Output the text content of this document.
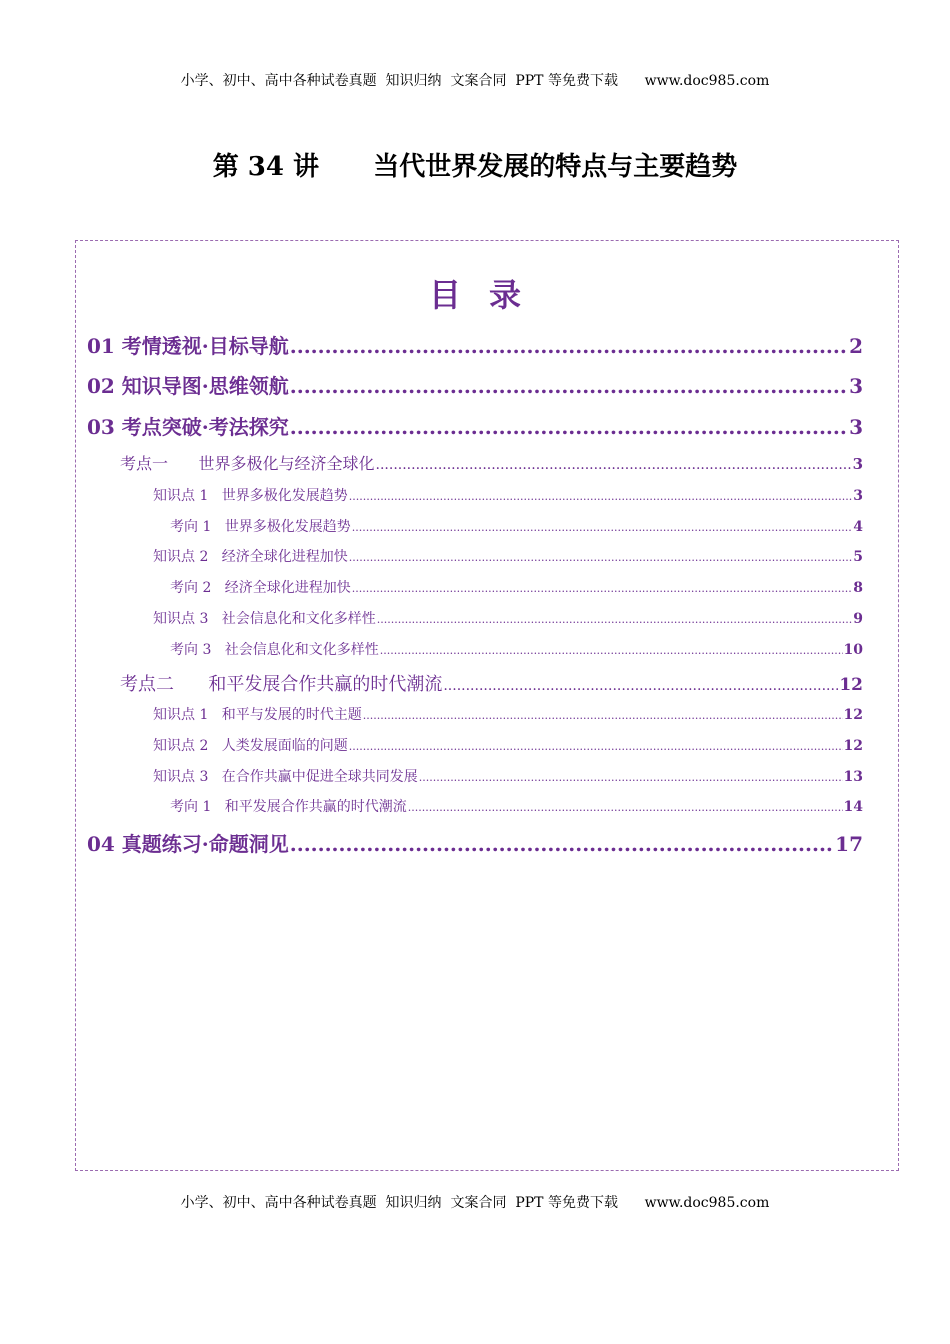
小学、初中、高中各种试卷真题  知识归纳  文案合同  PPT 等免费下载      www.doc985.com
第 34 讲      当代世界发展的特点与主要趋势
目录
01 考情透视·目标导航 .....	2
02 知识导图·思维领航 .....	3
03 考点突破·考法探究 .....	3
考点一      世界多极化与经济全球化 .....	3
知识点 1   世界多极化发展趋势 .....	3
考向 1   世界多极化发展趋势 .....	4
知识点 2   经济全球化进程加快 .....	5
考向 2   经济全球化进程加快 .....	8
知识点 3   社会信息化和文化多样性 .....	9
考向 3   社会信息化和文化多样性 .....	10
考点二      和平发展合作共赢的时代潮流 .....	12
知识点 1   和平与发展的时代主题 .....	12
知识点 2   人类发展面临的问题 .....	12
知识点 3   在合作共赢中促进全球共同发展 .....	13
考向 1   和平发展合作共赢的时代潮流 .....	14
04 真题练习·命题洞见 .....	17
小学、初中、高中各种试卷真题  知识归纳  文案合同  PPT 等免费下载      www.doc985.com
